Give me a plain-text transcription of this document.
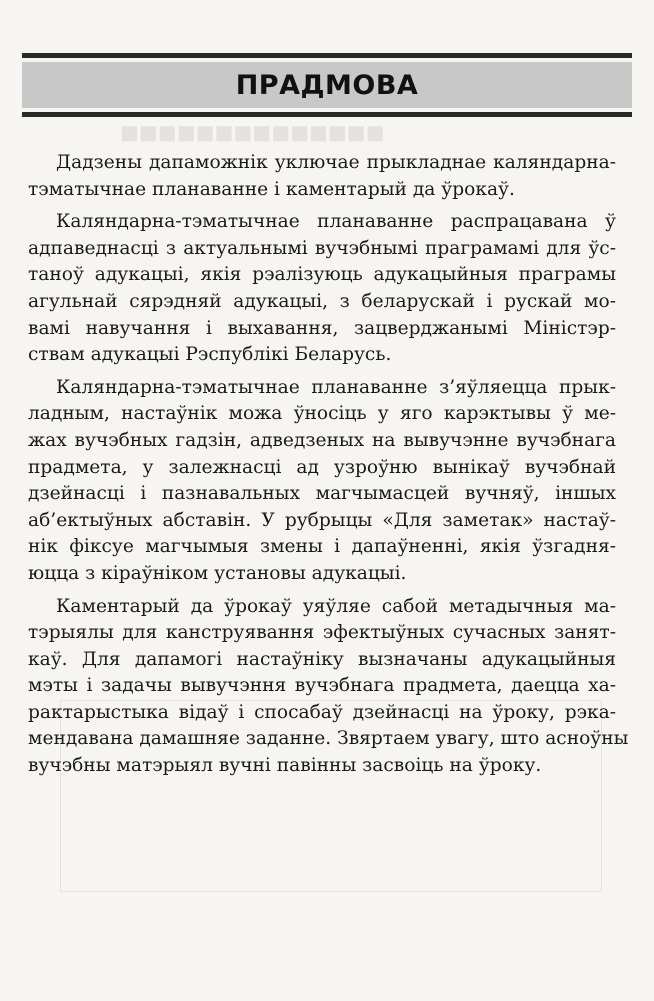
■■■■■■■■■■■■■■
ПРАДМОВА

Дадзены дапаможнік уключае прыкладнае каляндарна-
тэматычнае планаванне і каментарый да ўрокаў.

Каляндарна-тэматычнае планаванне распрацавана ў
адпаведнасці з актуальнымі вучэбнымі праграмамі для ўс-
таноў адукацыі, якія рэалізуюць адукацыйныя праграмы
агульнай сярэдняй адукацыі, з беларускай і рускай мо-
вамі навучання і выхавання, зацверджанымі Міністэр-
ствам адукацыі Рэспублікі Беларусь.

Каляндарна-тэматычнае планаванне з’яўляецца прык-
ладным, настаўнік можа ўносіць у яго карэктывы ў ме-
жах вучэбных гадзін, адведзеных на вывучэнне вучэбнага
прадмета, у залежнасці ад узроўню вынікаў вучэбнай
дзейнасці і пазнавальных магчымасцей вучняў, іншых
аб’ектыўных абставін. У рубрыцы «Для заметак» настаў-
нік фіксуе магчымыя змены і дапаўненні, якія ўзгадня-
юцца з кіраўніком установы адукацыі.

Каментарый да ўрокаў уяўляе сабой метадычныя ма-
тэрыялы для канструявання эфектыўных сучасных занят-
каў. Для дапамогі настаўніку вызначаны адукацыйныя
мэты і задачы вывучэння вучэбнага прадмета, даецца ха-
рактарыстыка відаў і спосабаў дзейнасці на ўроку, рэка-
мендавана дамашняе заданне. Звяртаем увагу, што асноўны
вучэбны матэрыял вучні павінны засвоіць на ўроку.
